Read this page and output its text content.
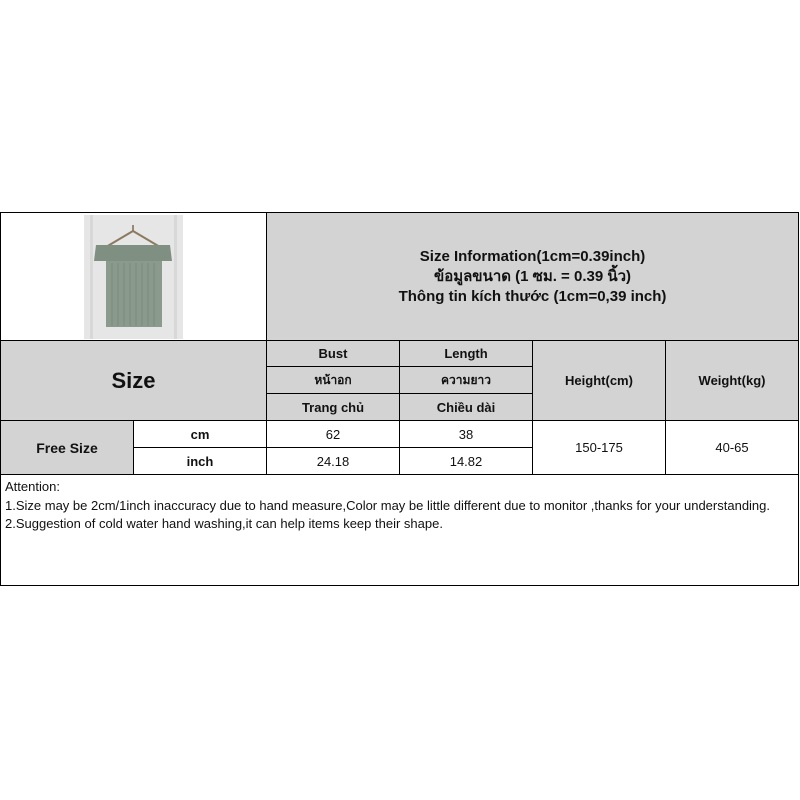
Size Information(1cm=0.39inch)
ข้อมูลขนาด (1 ซม. = 0.39 นิ้ว)
Thông tin kích thước (1cm=0,39 inch)			

Size		Bust	Length	Height(cm)	Weight(kg)
		หน้าอก	ความยาว		
		Trang chủ	Chiều dài		
Free Size	cm	62	38	150-175	40-65
	inch	24.18	14.82		

Attention:
1.Size may be 2cm/1inch inaccuracy due to hand measure,Color may be little different due to monitor ,thanks for your understanding.
2.Suggestion of cold water hand washing,it can help items keep their shape.					
